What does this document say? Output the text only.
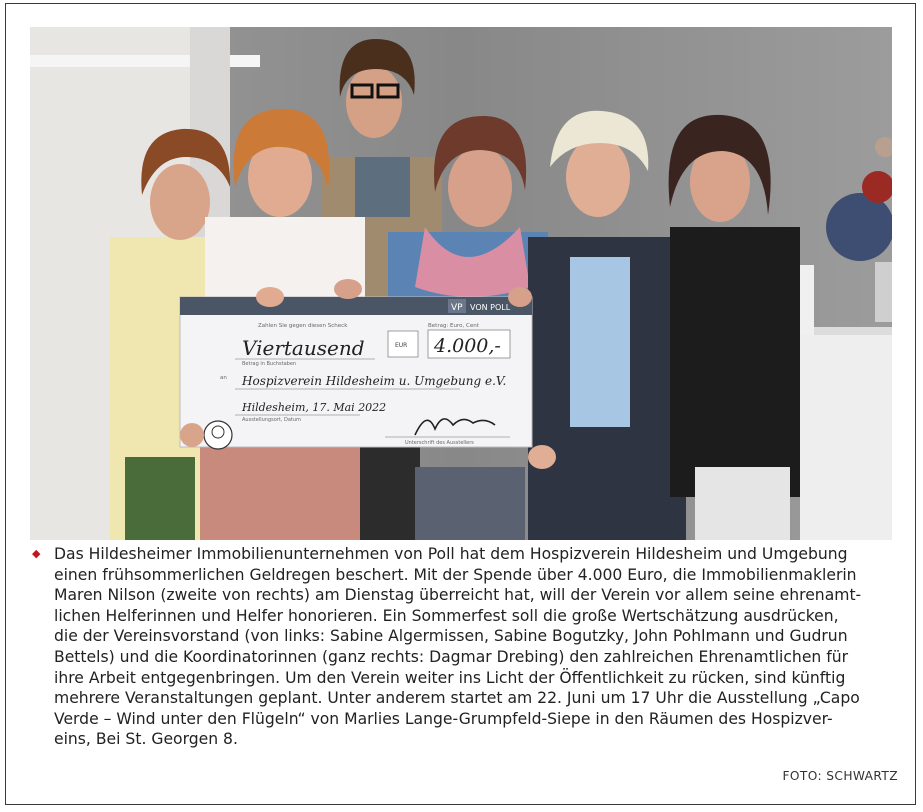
VP VON POLL
Zahlen Sie gegen diesen Scheck
Viertausend
Betrag in Buchstaben
EUR
Betrag: Euro, Cent
4.000,-
an Hospizverein Hildesheim u. Umgebung e.V.
Hildesheim, 17. Mai 2022
Ausstellungsort, Datum
Unterschrift des Ausstellers
◆ Das Hildesheimer Immobilienunternehmen von Poll hat dem Hospizverein Hildesheim und Umgebung
einen frühsommerlichen Geldregen beschert. Mit der Spende über 4.000 Euro, die Immobilienmaklerin
Maren Nilson (zweite von rechts) am Dienstag überreicht hat, will der Verein vor allem seine ehrenamt-
lichen Helferinnen und Helfer honorieren. Ein Sommerfest soll die große Wertschätzung ausdrücken,
die der Vereinsvorstand (von links: Sabine Algermissen, Sabine Bogutzky, John Pohlmann und Gudrun
Bettels) und die Koordinatorinnen (ganz rechts: Dagmar Drebing) den zahlreichen Ehrenamtlichen für
ihre Arbeit entgegenbringen. Um den Verein weiter ins Licht der Öffentlichkeit zu rücken, sind künftig
mehrere Veranstaltungen geplant. Unter anderem startet am 22. Juni um 17 Uhr die Ausstellung „Capo
Verde – Wind unter den Flügeln“ von Marlies Lange-Grumpfeld-Siepe in den Räumen des Hospizver-
eins, Bei St. Georgen 8.
FOTO: SCHWARTZ
